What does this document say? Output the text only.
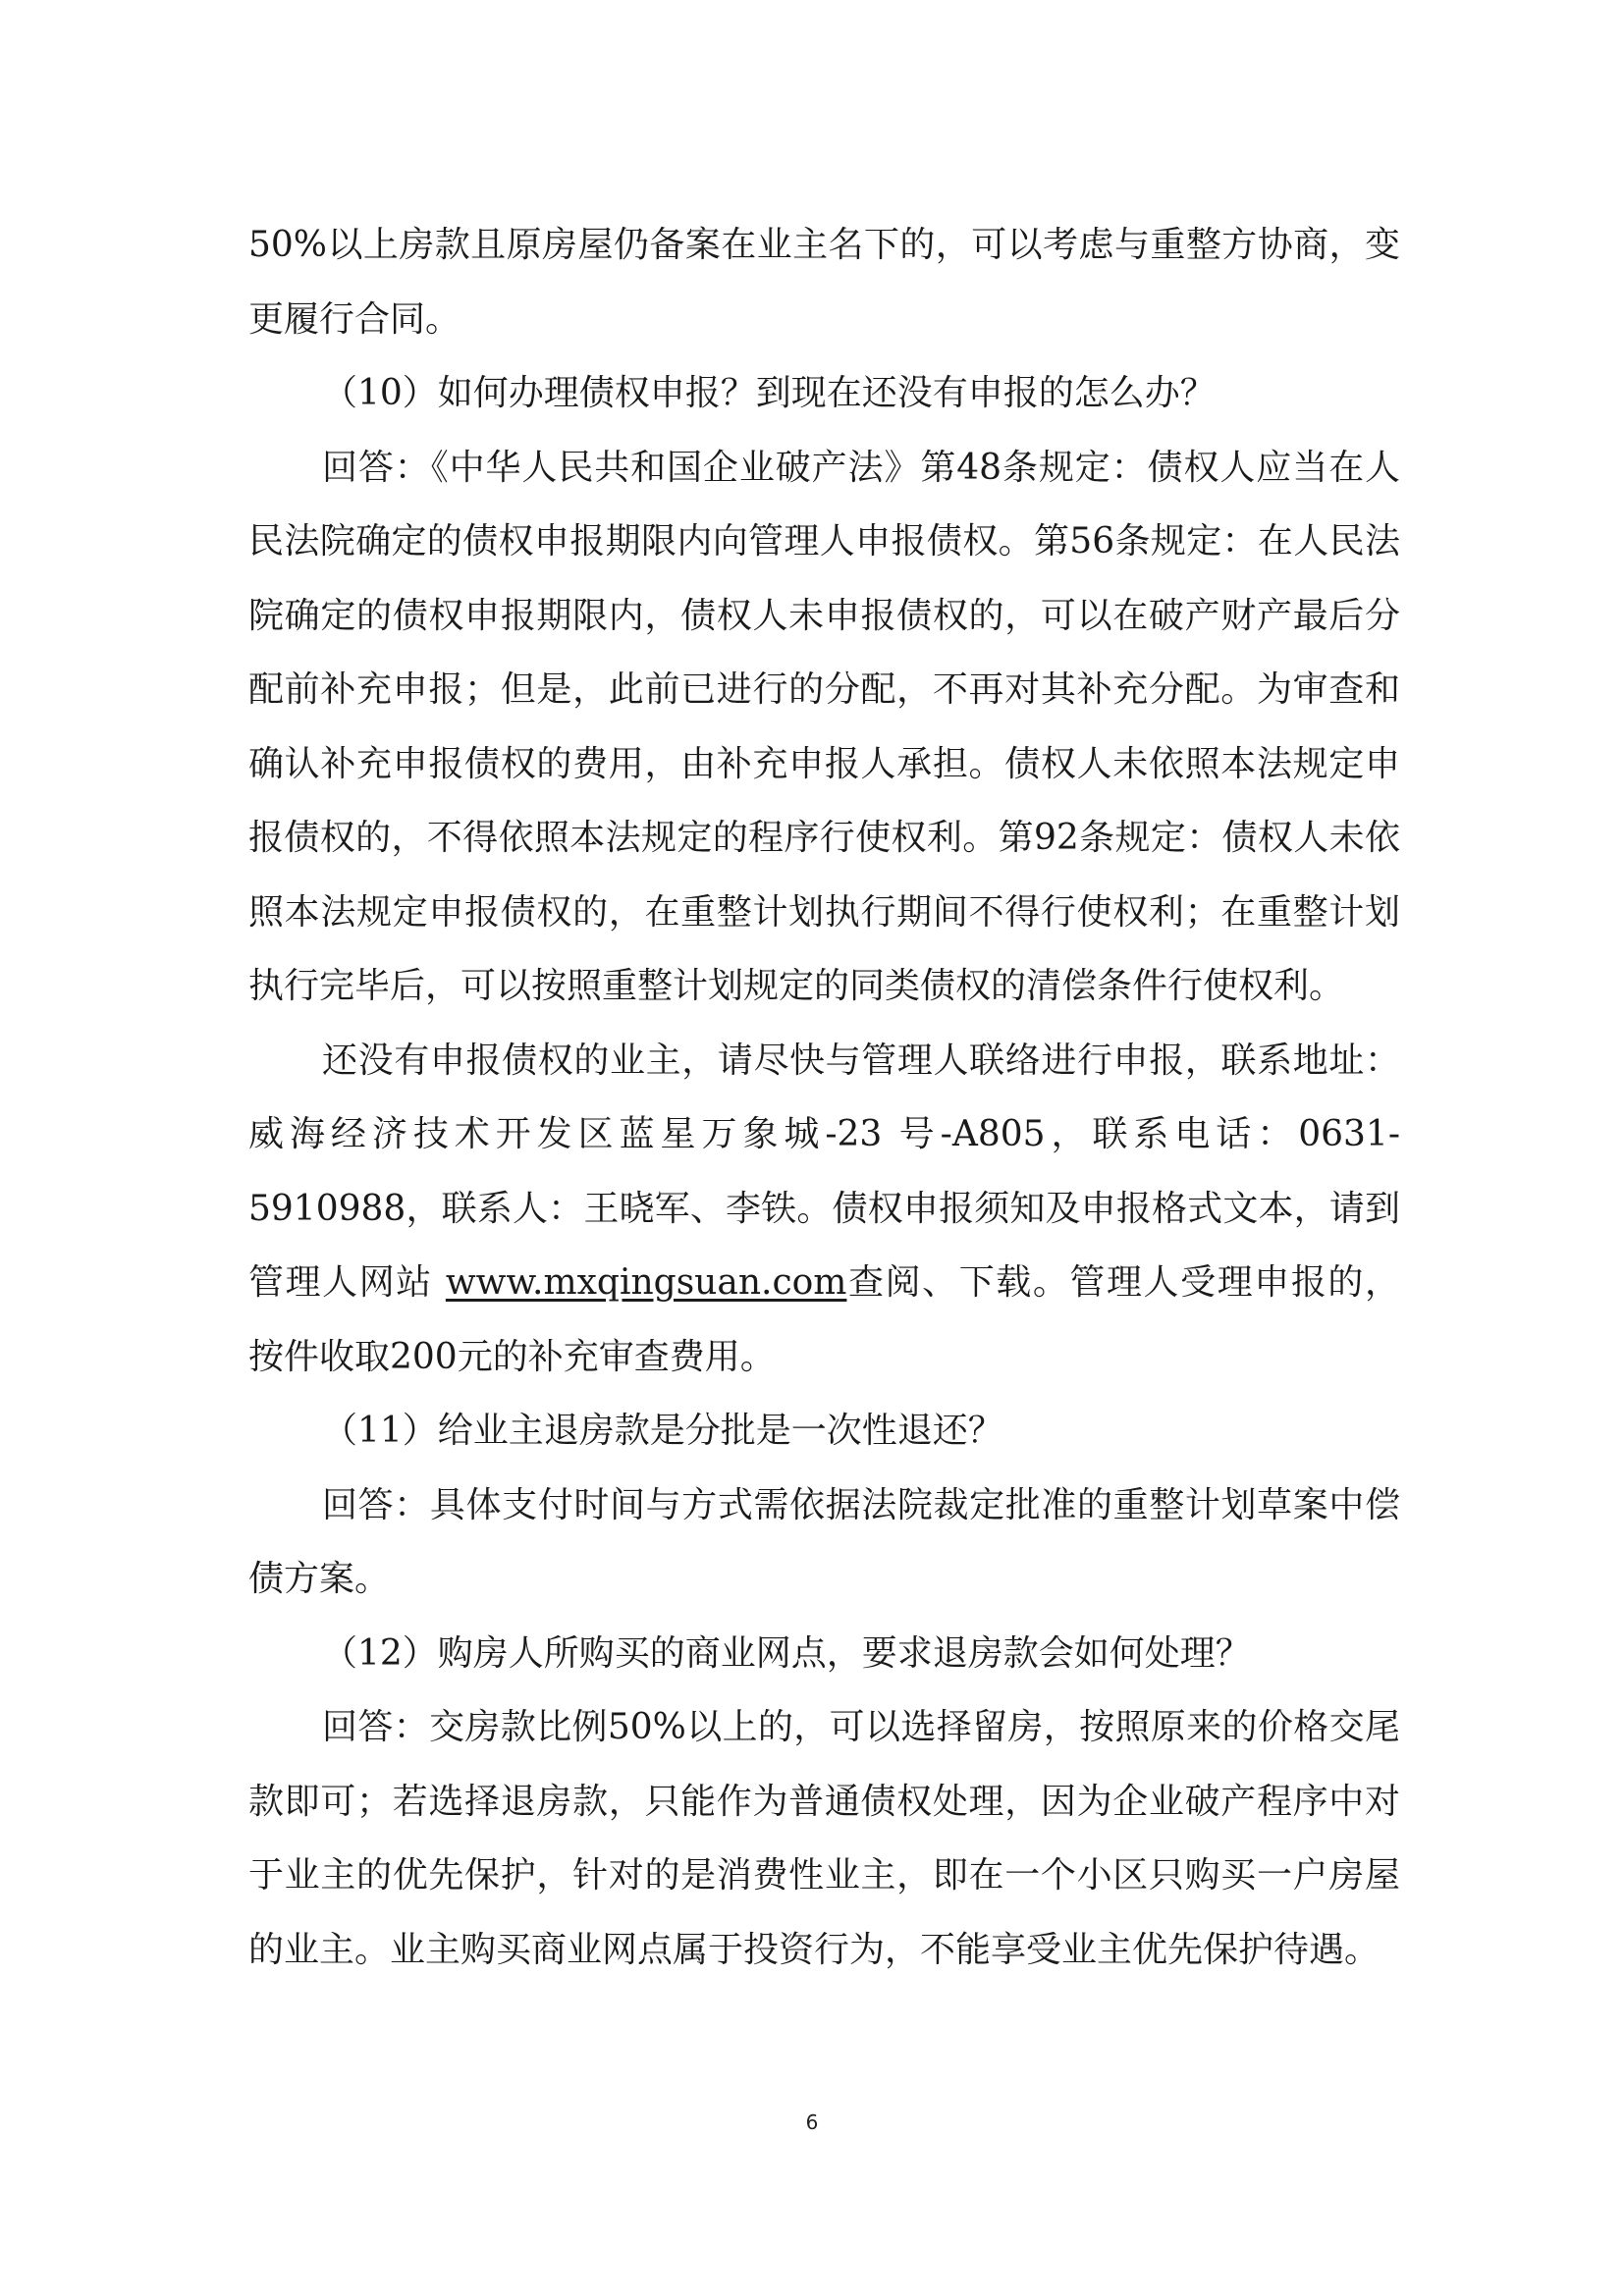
50%以上房款且原房屋仍备案在业主名下的，可以考虑与重整方协商，变更履行合同。

（10）如何办理债权申报？到现在还没有申报的怎么办？

回答：《中华人民共和国企业破产法》第48条规定：债权人应当在人民法院确定的债权申报期限内向管理人申报债权。第56条规定：在人民法院确定的债权申报期限内，债权人未申报债权的，可以在破产财产最后分配前补充申报；但是，此前已进行的分配，不再对其补充分配。为审查和确认补充申报债权的费用，由补充申报人承担。债权人未依照本法规定申报债权的，不得依照本法规定的程序行使权利。第92条规定：债权人未依照本法规定申报债权的，在重整计划执行期间不得行使权利；在重整计划执行完毕后，可以按照重整计划规定的同类债权的清偿条件行使权利。

还没有申报债权的业主，请尽快与管理人联络进行申报，联系地址：威海经济技术开发区蓝星万象城-23 号-A805，联系电话：0631-5910988，联系人：王晓军、李铁。债权申报须知及申报格式文本，请到管理人网站 www.mxqingsuan.com查阅、下载。管理人受理申报的，按件收取200元的补充审查费用。

（11）给业主退房款是分批是一次性退还？

回答：具体支付时间与方式需依据法院裁定批准的重整计划草案中偿债方案。

（12）购房人所购买的商业网点，要求退房款会如何处理？

回答：交房款比例50%以上的，可以选择留房，按照原来的价格交尾款即可；若选择退房款，只能作为普通债权处理，因为企业破产程序中对于业主的优先保护，针对的是消费性业主，即在一个小区只购买一户房屋的业主。业主购买商业网点属于投资行为，不能享受业主优先保护待遇。

6
